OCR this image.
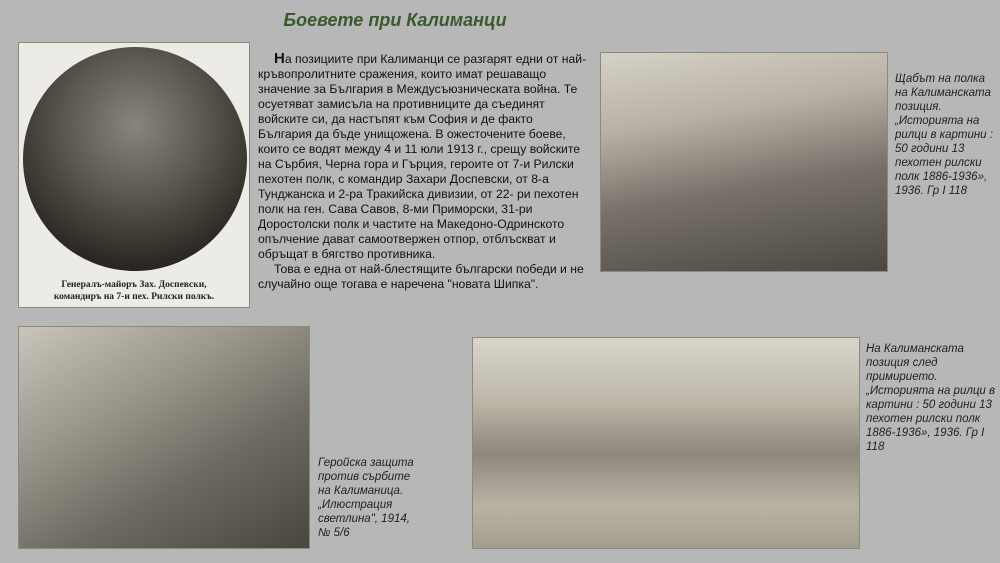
Боевете при Калиманци
Генералъ-майоръ Зах. Доспевски,
командиръ на 7-и пех. Рилски полкъ.

На позициите при Калиманци се разгарят едни от най-кръвопролитните сражения, които имат решаващо значение за България в Междусъюзническата война. Те осуетяват замисъла на противниците да съединят войските си, да настъпят към София и де факто България да бъде унищожена. В ожесточените боеве, които се водят между 4 и 11 юли 1913 г., срещу войските на Сърбия, Черна гора и Гърция, героите от 7-и Рилски пехотен полк, с командир Захари Доспевски, от 8-а Тунджанска и 2-ра Тракийска дивизии, от 22- ри пехотен полк на ген. Сава Савов, 8-ми Приморски, 31-ри Доростолски полк и частите на Македоно-Одринското опълчение дават самоотвержен отпор, отблъскват и обръщат в бягство противника.

Това е една от най-блестящите български победи и не случайно още тогава е наречена "новата Шипка".

Щабът на полка на Калиманската позиция. „Историята на рилци в картини : 50 години 13 пехотен рилски полк 1886-1936», 1936. Гр І 118
Геройска защита против сърбите на Калиманица. „Илюстрация светлина", 1914, № 5/6
На Калиманската позиция след примирието.„Историята на рилци в картини : 50 години 13 пехотен рилски полк 1886-1936», 1936. Гр І 118
